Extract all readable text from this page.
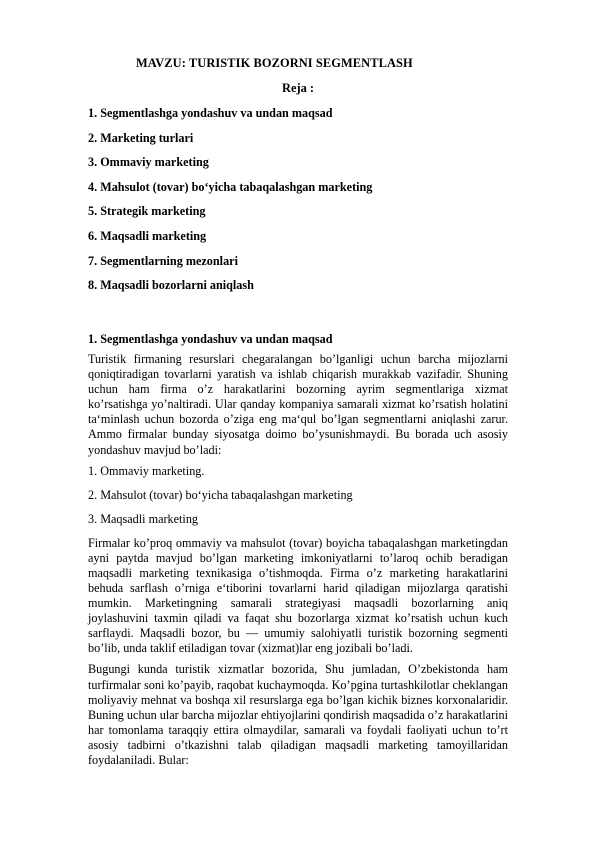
MAVZU: TURISTIK BOZORNI SEGMENTLASH
Reja :
1. Segmentlashga yondashuv va undan maqsad
2. Marketing turlari
3. Ommaviy marketing
4. Mahsulot (tovar) bo‘yicha tabaqalashgan marketing
5. Strategik marketing
6. Maqsadli marketing
7. Segmentlarning mezonlari
8. Maqsadli bozorlarni aniqlash
1. Segmentlashga yondashuv va undan maqsad

Turistik firmaning resurslari chegaralangan bo’lganligi uchun barcha mijozlarni qoniqtiradigan tovarlarni yaratish va ishlab chiqarish murakkab vazifadir. Shuning uchun ham firma o’z harakatlarini bozorning ayrim segmentlariga xizmat ko’rsatishga yo’naltiradi. Ular qanday kompaniya samarali xizmat ko’rsatish holatini ta‘minlash uchun bozorda o’ziga eng ma‘qul bo’lgan segmentlarni aniqlashi zarur. Ammo firmalar bunday siyosatga doimo bo’ysunishmaydi. Bu borada uch asosiy yondashuv mavjud bo’ladi:

1. Ommaviy marketing.
2. Mahsulot (tovar) bo‘yicha tabaqalashgan marketing
3. Maqsadli marketing

Firmalar ko’proq ommaviy va mahsulot (tovar) boyicha tabaqalashgan marketingdan ayni paytda mavjud bo’lgan marketing imkoniyatlarni to’laroq ochib beradigan maqsadli marketing texnikasiga o’tishmoqda. Firma o’z marketing harakatlarini behuda sarflash o’rniga e‘tiborini tovarlarni harid qiladigan mijozlarga qaratishi mumkin. Marketingning samarali strategiyasi maqsadli bozorlarning aniq joylashuvini taxmin qiladi va faqat shu bozorlarga xizmat ko’rsatish uchun kuch sarflaydi. Maqsadli bozor, bu — umumiy salohiyatli turistik bozorning segmenti bo’lib, unda taklif etiladigan tovar (xizmat)lar eng jozibali bo’ladi.

Bugungi kunda turistik xizmatlar bozorida, Shu jumladan, O’zbekistonda ham turfirmalar soni ko’payib, raqobat kuchaymoqda. Ko’pgina turtashkilotlar cheklangan moliyaviy mehnat va boshqa xil resurslarga ega bo’lgan kichik biznes korxonalaridir. Buning uchun ular barcha mijozlar ehtiyojlarini qondirish maqsadida o’z harakatlarini har tomonlama taraqqiy ettira olmaydilar, samarali va foydali faoliyati uchun to’rt asosiy tadbirni o’tkazishni talab qiladigan maqsadli marketing tamoyillaridan foydalaniladi. Bular:
